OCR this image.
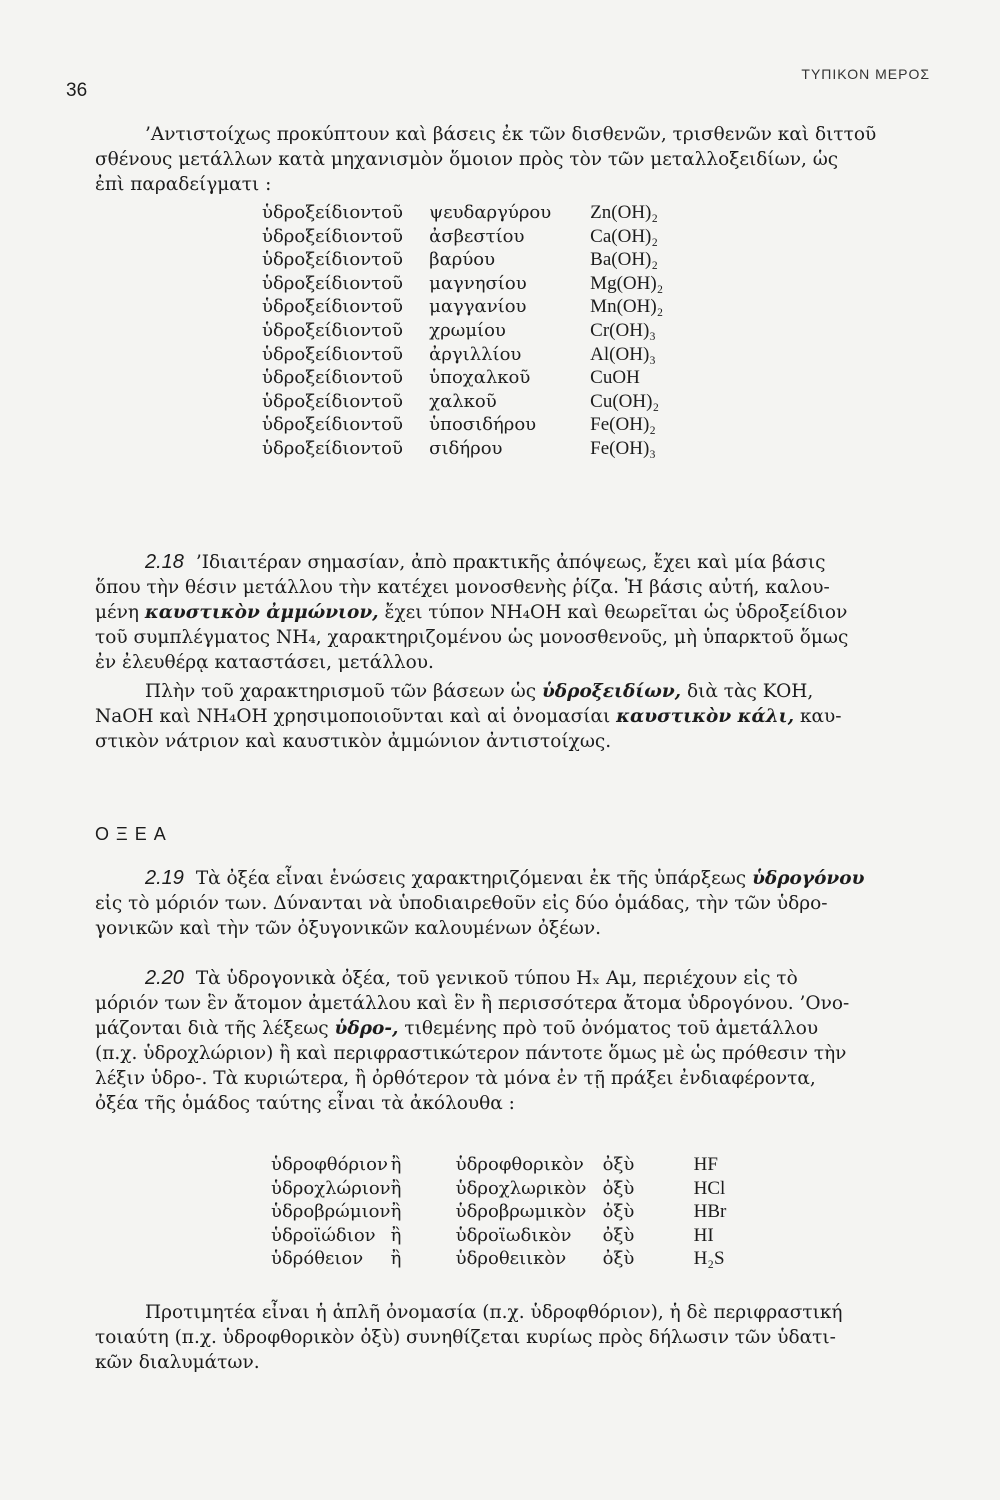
36
ΤΥΠΙΚΟΝ ΜΕΡΟΣ
’Αντιστοίχως προκύπτουν καὶ βάσεις ἐκ τῶν δισθενῶν, τρισθενῶν καὶ διττοῦ
σθένους μετάλλων κατὰ μηχανισμὸν ὅμοιον πρὸς τὸν τῶν μεταλλοξειδίων, ὡς
ἐπὶ παραδείγματι :
ὑδροξείδιον	τοῦ	ψευδαργύρου	Zn(OH)₂
ὑδροξείδιον	τοῦ	ἀσβεστίου	Ca(OH)₂
ὑδροξείδιον	τοῦ	βαρύου	Ba(OH)₂
ὑδροξείδιον	τοῦ	μαγνησίου	Mg(OH)₂
ὑδροξείδιον	τοῦ	μαγγανίου	Mn(OH)₂
ὑδροξείδιον	τοῦ	χρωμίου	Cr(OH)₃
ὑδροξείδιον	τοῦ	ἀργιλλίου	Al(OH)₃
ὑδροξείδιον	τοῦ	ὑποχαλκοῦ	CuOH
ὑδροξείδιον	τοῦ	χαλκοῦ	Cu(OH)₂
ὑδροξείδιον	τοῦ	ὑποσιδήρου	Fe(OH)₂
ὑδροξείδιον	τοῦ	σιδήρου	Fe(OH)₃
2.18 ’Ιδιαιτέραν σημασίαν, ἀπὸ πρακτικῆς ἀπόψεως, ἔχει καὶ μία βάσις
ὅπου τὴν θέσιν μετάλλου τὴν κατέχει μονοσθενὴς ῥίζα. Ἡ βάσις αὐτή, καλου-
μένη καυστικὸν ἀμμώνιον, ἔχει τύπον NH₄OH καὶ θεωρεῖται ὡς ὑδροξείδιον
τοῦ συμπλέγματος NH₄, χαρακτηριζομένου ὡς μονοσθενοῦς, μὴ ὑπαρκτοῦ ὅμως
ἐν ἐλευθέρᾳ καταστάσει, μετάλλου.
Πλὴν τοῦ χαρακτηρισμοῦ τῶν βάσεων ὡς ὑδροξειδίων, διὰ τὰς KOH,
NaOH καὶ NH₄OH χρησιμοποιοῦνται καὶ αἱ ὀνομασίαι καυστικὸν κάλι, καυ-
στικὸν νάτριον καὶ καυστικὸν ἀμμώνιον ἀντιστοίχως.
ΟΞΕΑ
2.19 Τὰ ὀξέα εἶναι ἑνώσεις χαρακτηριζόμεναι ἐκ τῆς ὑπάρξεως ὑδρογόνου
εἰς τὸ μόριόν των. Δύνανται νὰ ὑποδιαιρεθοῦν εἰς δύο ὁμάδας, τὴν τῶν ὑδρο-
γονικῶν καὶ τὴν τῶν ὀξυγονικῶν καλουμένων ὀξέων.
2.20 Τὰ ὑδρογονικὰ ὀξέα, τοῦ γενικοῦ τύπου Hₓ Aμ, περιέχουν εἰς τὸ
μόριόν των ἓν ἄτομον ἀμετάλλου καὶ ἓν ἢ περισσότερα ἄτομα ὑδρογόνου. ’Ονο-
μάζονται διὰ τῆς λέξεως ὑδρο-, τιθεμένης πρὸ τοῦ ὀνόματος τοῦ ἀμετάλλου
(π.χ. ὑδροχλώριον) ἢ καὶ περιφραστικώτερον πάντοτε ὅμως μὲ ὡς πρόθεσιν τὴν
λέξιν ὑδρο-. Τὰ κυριώτερα, ἢ ὀρθότερον τὰ μόνα ἐν τῇ πράξει ἐνδιαφέροντα,
ὀξέα τῆς ὁμάδος ταύτης εἶναι τὰ ἀκόλουθα :
ὑδροφθόριον	ἢ	ὑδροφθορικὸν	ὀξὺ	HF
ὑδροχλώριον	ἢ	ὑδροχλωρικὸν	ὀξὺ	HCl
ὑδροβρώμιον	ἢ	ὑδροβρωμικὸν	ὀξὺ	HBr
ὑδροϊώδιον	ἢ	ὑδροϊωδικὸν	ὀξὺ	HI
ὑδρόθειον	ἢ	ὑδροθειικὸν	ὀξὺ	H₂S
Προτιμητέα εἶναι ἡ ἁπλῆ ὀνομασία (π.χ. ὑδροφθόριον), ἡ δὲ περιφραστική
τοιαύτη (π.χ. ὑδροφθορικὸν ὀξὺ) συνηθίζεται κυρίως πρὸς δήλωσιν τῶν ὑδατι-
κῶν διαλυμάτων.
